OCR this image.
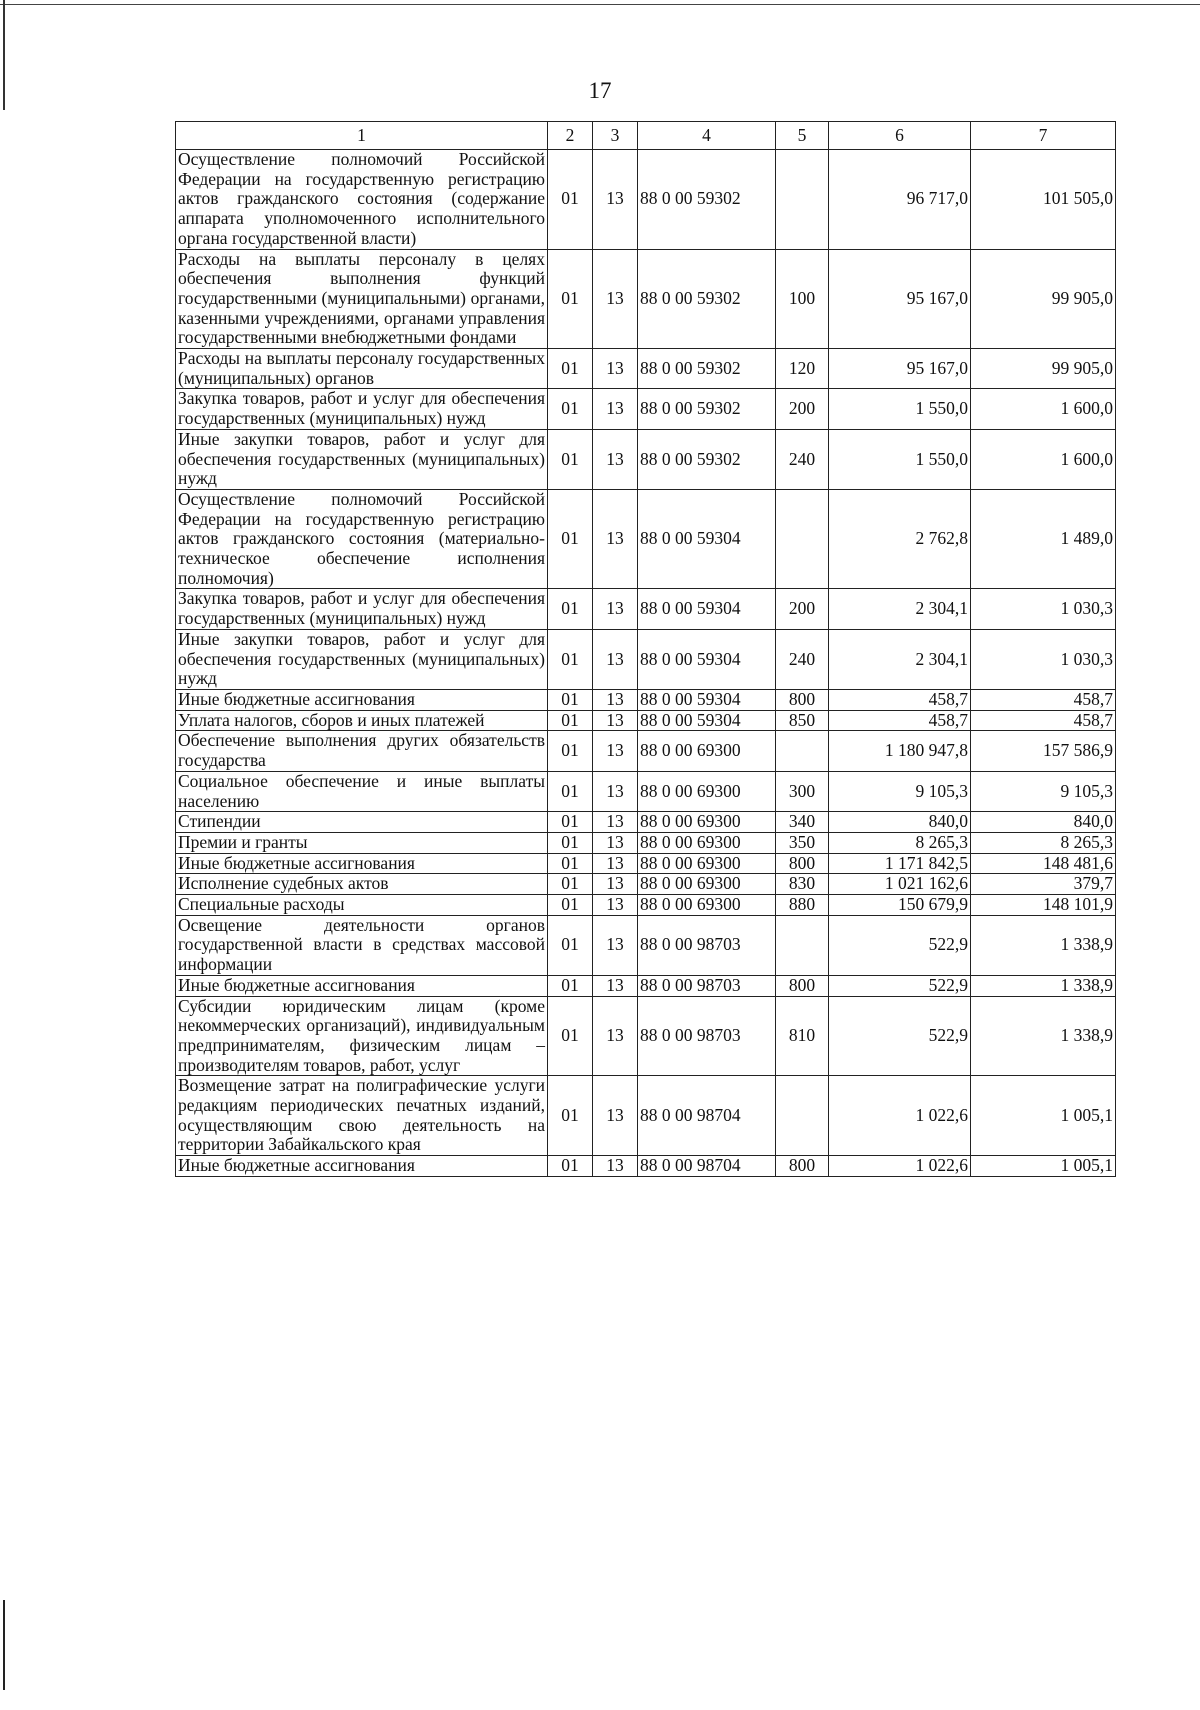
17
1	2	3	4	5	6	7
Осуществление полномочий Российской Федерации на государственную регистрацию актов гражданского состояния (содержание аппарата уполномоченного исполнительного органа государственной власти)	01	13	88 0 00 59302		96 717,0	101 505,0
Расходы на выплаты персоналу в целях обеспечения выполнения функций государственными (муниципальными) органами, казенными учреждениями, органами управления государственными внебюджетными фондами	01	13	88 0 00 59302	100	95 167,0	99 905,0
Расходы на выплаты персоналу государственных (муниципальных) органов	01	13	88 0 00 59302	120	95 167,0	99 905,0
Закупка товаров, работ и услуг для обеспечения государственных (муниципальных) нужд	01	13	88 0 00 59302	200	1 550,0	1 600,0
Иные закупки товаров, работ и услуг для обеспечения государственных (муниципальных) нужд	01	13	88 0 00 59302	240	1 550,0	1 600,0
Осуществление полномочий Российской Федерации на государственную регистрацию актов гражданского состояния (материально-техническое обеспечение исполнения полномочия)	01	13	88 0 00 59304		2 762,8	1 489,0
Закупка товаров, работ и услуг для обеспечения государственных (муниципальных) нужд	01	13	88 0 00 59304	200	2 304,1	1 030,3
Иные закупки товаров, работ и услуг для обеспечения государственных (муниципальных) нужд	01	13	88 0 00 59304	240	2 304,1	1 030,3
Иные бюджетные ассигнования	01	13	88 0 00 59304	800	458,7	458,7
Уплата налогов, сборов и иных платежей	01	13	88 0 00 59304	850	458,7	458,7
Обеспечение выполнения других обязательств государства	01	13	88 0 00 69300		1 180 947,8	157 586,9
Социальное обеспечение и иные выплаты населению	01	13	88 0 00 69300	300	9 105,3	9 105,3
Стипендии	01	13	88 0 00 69300	340	840,0	840,0
Премии и гранты	01	13	88 0 00 69300	350	8 265,3	8 265,3
Иные бюджетные ассигнования	01	13	88 0 00 69300	800	1 171 842,5	148 481,6
Исполнение судебных актов	01	13	88 0 00 69300	830	1 021 162,6	379,7
Специальные расходы	01	13	88 0 00 69300	880	150 679,9	148 101,9
Освещение деятельности органов государственной власти в средствах массовой информации	01	13	88 0 00 98703		522,9	1 338,9
Иные бюджетные ассигнования	01	13	88 0 00 98703	800	522,9	1 338,9
Субсидии юридическим лицам (кроме некоммерческих организаций), индивидуальным предпринимателям, физическим лицам – производителям товаров, работ, услуг	01	13	88 0 00 98703	810	522,9	1 338,9
Возмещение затрат на полиграфические услуги редакциям периодических печатных изданий, осуществляющим свою деятельность на территории Забайкальского края	01	13	88 0 00 98704		1 022,6	1 005,1
Иные бюджетные ассигнования	01	13	88 0 00 98704	800	1 022,6	1 005,1
